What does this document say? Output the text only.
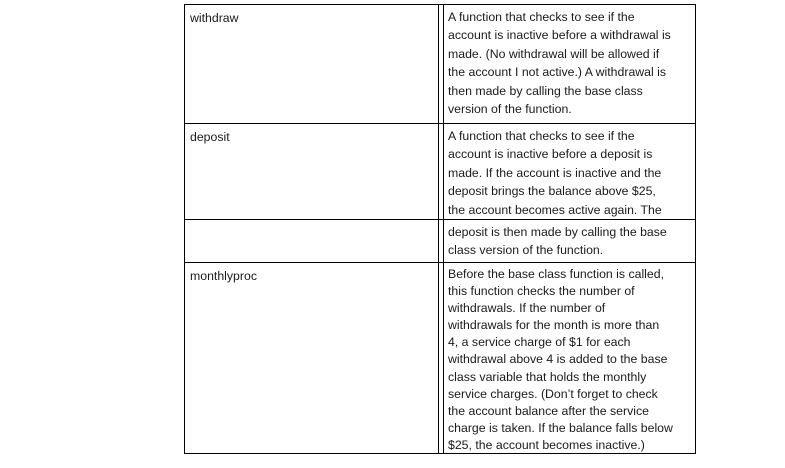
withdraw	A function that checks to see if the
account is inactive before a withdrawal is
made. (No withdrawal will be allowed if
the account I not active.) A withdrawal is
then made by calling the base class
version of the function.
deposit	A function that checks to see if the
account is inactive before a deposit is
made. If the account is inactive and the
deposit brings the balance above $25,
the account becomes active again. The
deposit is then made by calling the base
class version of the function.
monthlyproc	Before the base class function is called,
this function checks the number of
withdrawals. If the number of
withdrawals for the month is more than
4, a service charge of $1 for each
withdrawal above 4 is added to the base
class variable that holds the monthly
service charges. (Don’t forget to check
the account balance after the service
charge is taken. If the balance falls below
$25, the account becomes inactive.)
